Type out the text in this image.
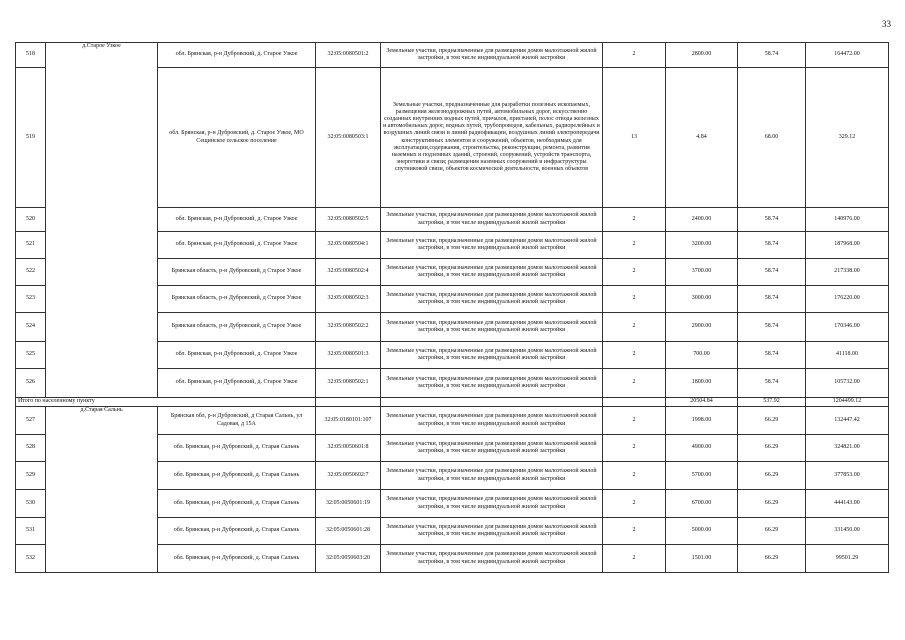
33
518	д.Старое Узкое	обл. Брянская, р-н Дубровский, д. Старое Узкое	32:05:0080501:2	Земельные участки, предназначенные для размещения домов малоэтажной жилой застройки, в том числе индивидуальной жилой застройки	2	2800.00	58.74	164472.00
519		обл. Брянская, р-н Дубровский, д. Старое Узкое, МО Сещинское сельское поселение	32:05:0080503:1	Земельные участки, предназначенные для разработки полезных ископаемых, размещения железнодорожных путей, автомобильных дорог, искусственно созданных внутренних водных путей, причалов, пристаней, полос отвода железных и автомобильных дорог, водных путей, трубопроводов, кабельных, радиорелейных и воздушных линий связи и линий радиофикации, воздушных линий электропередачи конструктивных элементов и сооружений, объектов, необходимых для эксплуатации,содержания, строительства, реконструкции, ремонта, развития наземных и подземных зданий, строений, сооружений, устройств транспорта, энергетики и связи; размещения наземных сооружений и инфраструктуры спутниковой связи, объектов космической деятельности, военных объектов	13	4.84	68.00	329.12
520		обл. Брянская, р-н Дубровский, д. Старое Узкое	32:05:0080502:5	Земельные участки, предназначенные для размещения домов малоэтажной жилой застройки, в том числе индивидуальной жилой застройки	2	2400.00	58.74	140976.00
521		обл. Брянская, р-н Дубровский, д. Старое Узкое	32:05:0080504:1	Земельные участки, предназначенные для размещения домов малоэтажной жилой застройки, в том числе индивидуальной жилой застройки	2	3200.00	58.74	187968.00
522		Брянская область, р-н Дубровский, д Старое Узкое	32:05:0080502:4	Земельные участки, предназначенные для размещения домов малоэтажной жилой застройки, в том числе индивидуальной жилой застройки	2	3700.00	58.74	217338.00
523		Брянская область, р-н Дубровский, д Старое Узкое	32:05:0080502:3	Земельные участки, предназначенные для размещения домов малоэтажной жилой застройки, в том числе индивидуальной жилой застройки	2	3000.00	58.74	176220.00
524		Брянская область, р-н Дубровский, д Старое Узкое	32:05:0080502:2	Земельные участки, предназначенные для размещения домов малоэтажной жилой застройки, в том числе индивидуальной жилой застройки	2	2900.00	58.74	170346.00
525		обл. Брянская, р-н Дубровский, д. Старое Узкое	32:05:0080501:3	Земельные участки, предназначенные для размещения домов малоэтажной жилой застройки, в том числе индивидуальной жилой застройки	2	700.00	58.74	41118.00
526		обл. Брянская, р-н Дубровский, д. Старое Узкое	32:05:0080502:1	Земельные участки, предназначенные для размещения домов малоэтажной жилой застройки, в том числе индивидуальной жилой застройки	2	1800.00	58.74	105732.00
Итого по населенному пункту						20504.84	537.92	1204499.12
527	д.Старая Сальнь	Брянская обл, р-н Дубровский, д Старая Сальнь, ул Садовая, д 15А	32:05:0180101:107	Земельные участки, предназначенные для размещения домов малоэтажной жилой застройки, в том числе индивидуальной жилой застройки	2	1998.00	66.29	132447.42
528		обл. Брянская, р-н Дубровский, д. Старая Сальнь	32:05:0050601:8	Земельные участки, предназначенные для размещения домов малоэтажной жилой застройки, в том числе индивидуальной жилой застройки	2	4900.00	66.29	324821.00
529		обл. Брянская, р-н Дубровский, д. Старая Сальнь	32:05:0050602:7	Земельные участки, предназначенные для размещения домов малоэтажной жилой застройки, в том числе индивидуальной жилой застройки	2	5700.00	66.29	377853.00
530		обл. Брянская, р-н Дубровский, д. Старая Сальнь	32:05:0050601:19	Земельные участки, предназначенные для размещения домов малоэтажной жилой застройки, в том числе индивидуальной жилой застройки	2	6700.00	66.29	444143.00
531		обл. Брянская, р-н Дубровский, д. Старая Сальнь	32:05:0050601:28	Земельные участки, предназначенные для размещения домов малоэтажной жилой застройки, в том числе индивидуальной жилой застройки	2	5000.00	66.29	331450.00
532		обл. Брянская, р-н Дубровский, д. Старая Сальнь	32:05:0050603:20	Земельные участки, предназначенные для размещения домов малоэтажной жилой застройки, в том числе индивидуальной жилой застройки	2	1501.00	66.29	99501.29
